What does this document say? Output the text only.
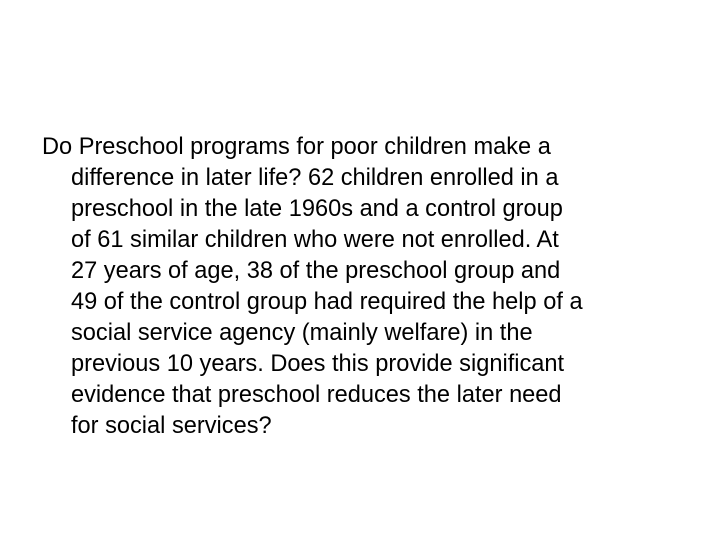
Do Preschool programs for poor children make a
difference in later life? 62 children enrolled in a
preschool in the late 1960s and a control group
of 61 similar children who were not enrolled. At
27 years of age, 38 of the preschool group and
49 of the control group had required the help of a
social service agency (mainly welfare) in the
previous 10 years. Does this provide significant
evidence that preschool reduces the later need
for social services?
